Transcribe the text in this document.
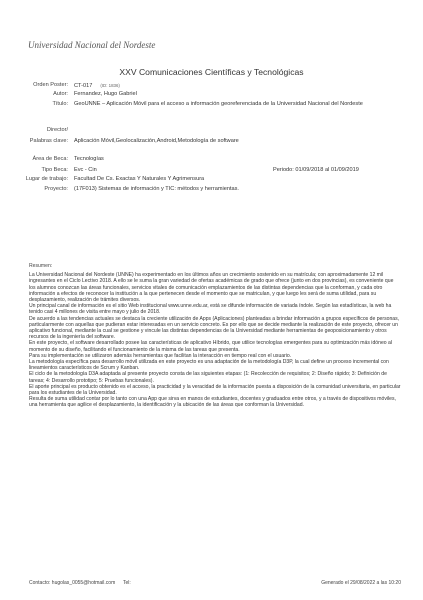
Universidad Nacional del Nordeste
XXV Comunicaciones Científicas y Tecnológicas
Orden Poster: CT-017 (ID: 1836)
Autor: Fernandez, Hugo Gabriel
Título: GeoUNNE – Aplicación Móvil para el acceso a información georeferenciada de la Universidad Nacional del Nordeste
Director/
Palabras clave: Aplicación Móvil,Geolocalización,Android,Metodología de software
Área de Beca: Tecnologías
Tipo Beca: Evc - Cin	Periodo: 01/09/2018 al 01/09/2019
Lugar de trabajo: Facultad De Cs. Exactas Y Naturales Y Agrimensura
Proyecto: (17F013) Sistemas de información y TIC: métodos y herramientas.
Resumen:

La Universidad Nacional del Nordeste (UNNE) ha experimentado en los últimos años un crecimiento sostenido en su matrícula; con aproximadamente 12 mil ingresantes en el Ciclo Lectivo 2018. A ello se le suma la gran variedad de ofertas académicas de grado que ofrece (junto en dos provincias), es conveniente que los alumnos conozcan las áreas funcionales, servicios vitales de comunicación emplazamientos de las distintas dependencias que la conforman, y cada otro información a efectos de reconocer la institución a la que pertenecen desde el momento que se matriculan, y que luego les será de suma utilidad, para su desplazamiento, realización de trámites diversos.

Un principal canal de información es el sitio Web institucional www.unne.edu.ar, está se difunde información de variada índole. Según las estadísticas, la web ha tenido casi 4 millones de visita entre mayo y julio de 2018.

De acuerdo a las tendencias actuales se destaca la creciente utilización de Apps (Aplicaciones) planteadas a brindar información a grupos específicos de personas, particularmente con aquellas que pudieran estar interesadas en un servicio concreto. Es por ello que se decide mediante la realización de este proyecto, ofrecer un aplicativo funcional, mediante la cual se gestione y vincule las distintas dependencias de la Universidad mediante herramientas de geoposicionamiento y otros recursos de la ingeniería del software.

En este proyecto, el software desarrollado posee las características de aplicativo Híbrido, que utilice tecnologías emergentes para su optimización más idóneo al momento de su diseño, facilitando el funcionamiento de la misma de las tareas que presenta.

Para su implementación se utilizaron además herramientas que facilitan la interacción en tiempo real con el usuario.

La metodología específica para desarrollo móvil utilizada en este proyecto es una adaptación de la metodología D3P, la cual define un proceso incremental con lineamientos característicos de Scrum y Kanban.

El ciclo de la metodología D3A adaptada al presente proyecto consta de las siguientes etapas: (1: Recolección de requisitos; 2: Diseño rápido; 3: Definición de tareas; 4: Desarrollo prototipo; 5: Pruebas funcionales).

El aporte principal es producto obtenido es el acceso, la practicidad y la veracidad de la información puesta a disposición de la comunidad universitaria, en particular para los estudiantes de la Universidad.

Resulta de suma utilidad contar por lo tanto con una App que sirva en manos de estudiantes, docentes y graduados entre otros, y a través de dispositivos móviles, una herramienta que agilice el desplazamiento, la identificación y la ubicación de las áreas que conforman la Universidad.

Contacto: hugolas_0055@hotmail.com Tel:	Generado el 29/08/2022 a las 10:20
